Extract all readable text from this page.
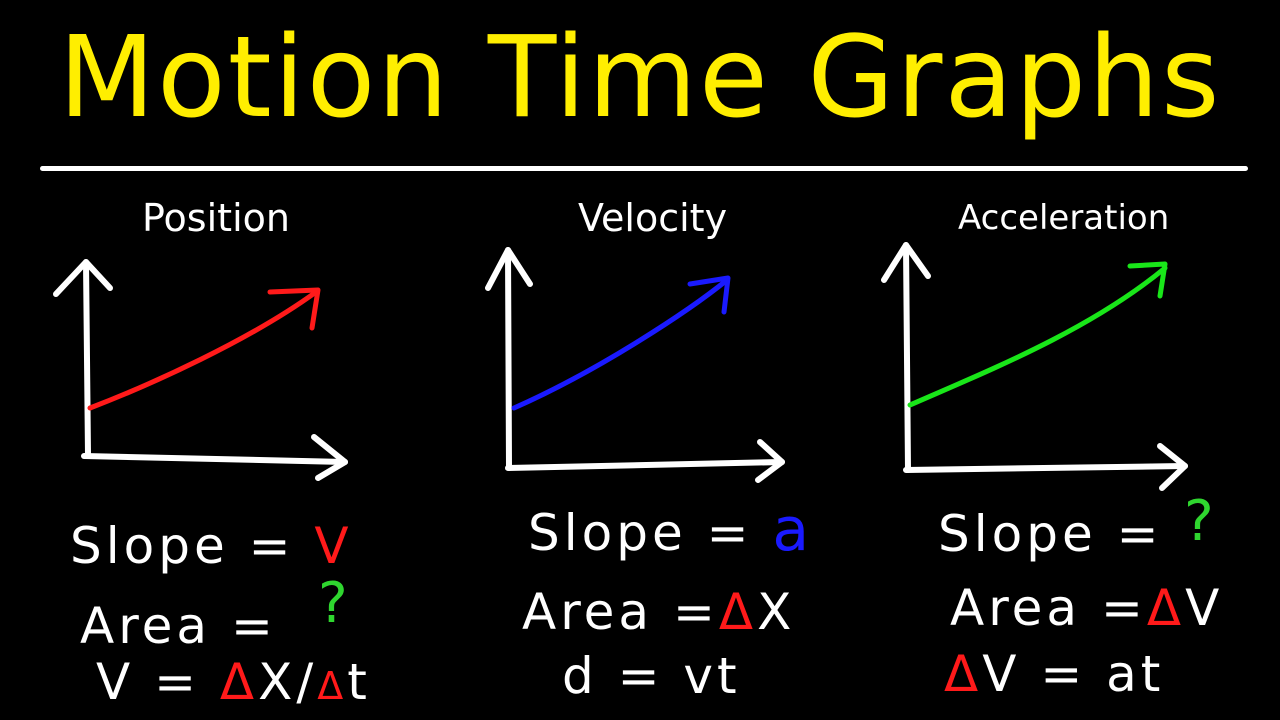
Motion Time Graphs
Position	Velocity	Acceleration
Slope = V
?
Area =
V = ΔX/Δt
Slope = a
Area =ΔX
d = vt
Slope = ?
Area =ΔV
ΔV = at
